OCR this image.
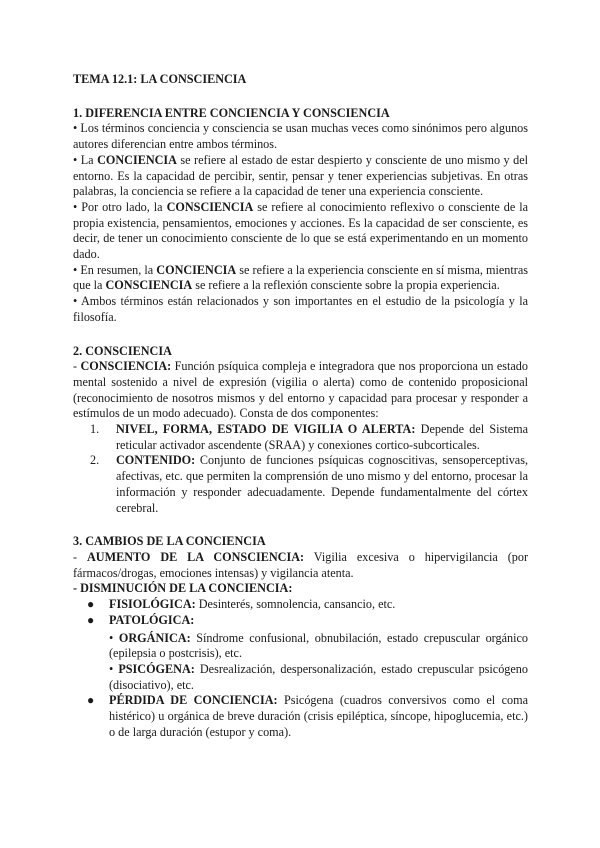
TEMA 12.1: LA CONSCIENCIA

1. DIFERENCIA ENTRE CONCIENCIA Y CONSCIENCIA

• Los términos conciencia y consciencia se usan muchas veces como sinónimos pero algunos autores diferencian entre ambos términos.

• La CONCIENCIA se refiere al estado de estar despierto y consciente de uno mismo y del entorno. Es la capacidad de percibir, sentir, pensar y tener experiencias subjetivas. En otras palabras, la conciencia se refiere a la capacidad de tener una experiencia consciente.

• Por otro lado, la CONSCIENCIA se refiere al conocimiento reflexivo o consciente de la propia existencia, pensamientos, emociones y acciones. Es la capacidad de ser consciente, es decir, de tener un conocimiento consciente de lo que se está experimentando en un momento dado.

• En resumen, la CONCIENCIA se refiere a la experiencia consciente en sí misma, mientras que la CONSCIENCIA se refiere a la reflexión consciente sobre la propia experiencia.

• Ambos términos están relacionados y son importantes en el estudio de la psicología y la filosofía.

2. CONSCIENCIA

- CONSCIENCIA: Función psíquica compleja e integradora que nos proporciona un estado mental sostenido a nivel de expresión (vigilia o alerta) como de contenido proposicional (reconocimiento de nosotros mismos y del entorno y capacidad para procesar y responder a estímulos de un modo adecuado). Consta de dos componentes:

1. NIVEL, FORMA, ESTADO DE VIGILIA O ALERTA: Depende del Sistema reticular activador ascendente (SRAA) y conexiones cortico-subcorticales.
2. CONTENIDO: Conjunto de funciones psíquicas cognoscitivas, sensoperceptivas, afectivas, etc. que permiten la comprensión de uno mismo y del entorno, procesar la información y responder adecuadamente. Depende fundamentalmente del córtex cerebral.

3. CAMBIOS DE LA CONCIENCIA

- AUMENTO DE LA CONSCIENCIA: Vigilia excesiva o hipervigilancia (por fármacos/drogas, emociones intensas) y vigilancia atenta.

- DISMINUCIÓN DE LA CONCIENCIA:

● FISIOLÓGICA: Desinterés, somnolencia, cansancio, etc.
● PATOLÓGICA:

• ORGÁNICA: Síndrome confusional, obnubilación, estado crepuscular orgánico (epilepsia o postcrisis), etc.

• PSICÓGENA: Desrealización, despersonalización, estado crepuscular psicógeno (disociativo), etc.

● PÉRDIDA DE CONCIENCIA: Psicógena (cuadros conversivos como el coma histérico) u orgánica de breve duración (crisis epiléptica, síncope, hipoglucemia, etc.) o de larga duración (estupor y coma).
